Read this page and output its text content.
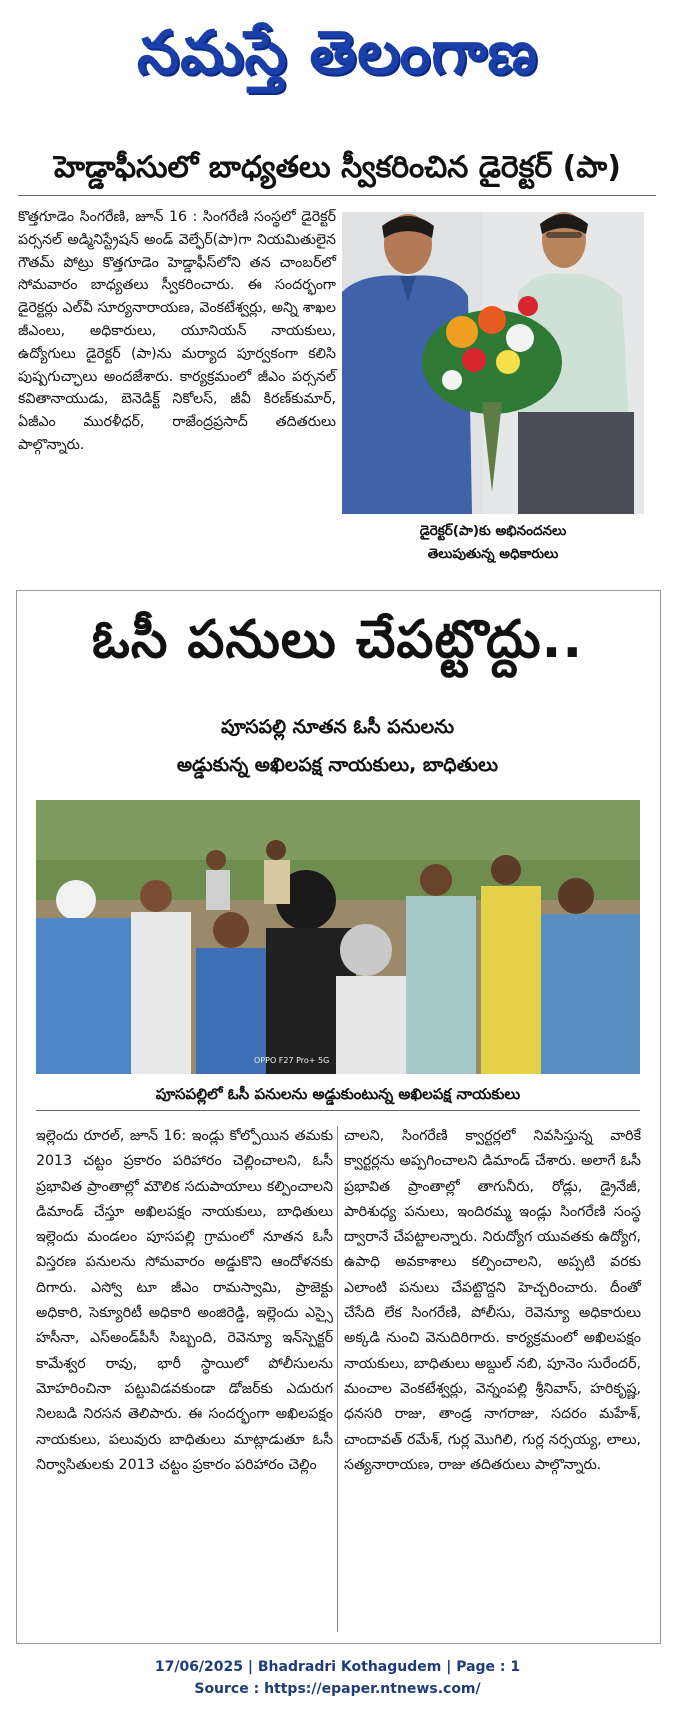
నమస్తే తెలంగాణ
హెడ్డాఫీసులో బాధ్యతలు స్వీకరించిన డైరెక్టర్ (పా)
కొత్తగూడెం సింగరేణి, జూన్ 16 : సింగరేణి సంస్థలో డైరెక్టర్ పర్సనల్ అడ్మినిస్ట్రేషన్ అండ్ వెల్ఫేర్(పా)గా నియమితులైన గౌతమ్ పోట్రు కొత్తగూడెం హెడ్డాఫీస్‌లోని తన చాంబర్‌లో సోమవారం బాధ్యతలు స్వీకరించారు. ఈ సందర్భంగా డైరెక్టర్లు ఎల్‌వీ సూర్యనారాయణ, వెంకటేశ్వర్లు, అన్ని శాఖల జీఎంలు, అధికారులు, యూనియన్ నాయకులు, ఉద్యోగులు డైరెక్టర్ (పా)ను మర్యాద పూర్వకంగా కలిసి పుష్పగుచ్ఛాలు అందజేశారు. కార్యక్రమంలో జీఎం పర్సనల్ కవితానాయుడు, బెనెడిక్ట్ నికోలస్, జీవీ కిరణ్‌కుమార్, ఏజీఎం మురళీధర్, రాజేంద్రప్రసాద్ తదితరులు పాల్గొన్నారు.
డైరెక్టర్(పా)కు అభినందనలు
తెలుపుతున్న అధికారులు
ఓసీ పనులు చేపట్టొద్దు..
పూసపల్లి నూతన ఓసీ పనులను
అడ్డుకున్న అఖిలపక్ష నాయకులు, బాధితులు
OPPO F27 Pro+ 5G
పూసపల్లిలో ఓసీ పనులను అడ్డుకుంటున్న అఖిలపక్ష నాయకులు
ఇల్లెందు రూరల్, జూన్ 16: ఇండ్లు కోల్పోయిన తమకు 2013 చట్టం ప్రకారం పరిహారం చెల్లించాలని, ఓసీ ప్రభావిత ప్రాంతాల్లో మౌలిక సదుపాయాలు కల్పించాలని డిమాండ్ చేస్తూ అఖిలపక్షం నాయకులు, బాధితులు ఇల్లెందు మండలం పూసపల్లి గ్రామంలో నూతన ఓసీ విస్తరణ పనులను సోమవారం అడ్డుకొని ఆందోళనకు దిగారు. ఎస్వో టూ జీఎం రామస్వామి, ప్రాజెక్టు అధికారి, సెక్యూరిటీ అధికారి అంజిరెడ్డి, ఇల్లెందు ఎస్సై హసీనా, ఎస్‌అండ్‌పీసీ సిబ్బంది, రెవెన్యూ ఇన్‌స్పెక్టర్ కామేశ్వర రావు, భారీ స్థాయిలో పోలీసులను మోహరించినా పట్టువిడవకుండా డోజర్‌కు ఎదురుగ నిలబడి నిరసన తెలిపారు. ఈ సందర్భంగా అఖిలపక్షం నాయకులు, పలువురు బాధితులు మాట్లాడుతూ ఓసీ నిర్వాసితులకు 2013 చట్టం ప్రకారం పరిహారం చెల్లిం
చాలని, సింగరేణి క్వార్టర్లలో నివసిస్తున్న వారికే క్వార్టర్లను అప్పగించాలని డిమాండ్ చేశారు. అలాగే ఓసీ ప్రభావిత ప్రాంతాల్లో తాగునీరు, రోడ్లు, డ్రైనేజీ, పారిశుధ్య పనులు, ఇందిరమ్మ ఇండ్లు సింగరేణి సంస్థ ద్వారానే చేపట్టాలన్నారు. నిరుద్యోగ యువతకు ఉద్యోగ, ఉపాధి అవకాశాలు కల్పించాలని, అప్పటి వరకు ఎలాంటి పనులు చేపట్టొద్దని హెచ్చరించారు. దీంతో చేసేది లేక సింగరేణి, పోలీసు, రెవెన్యూ అధికారులు అక్కడి నుంచి వెనుదిరిగారు. కార్యక్రమంలో అఖిలపక్షం నాయకులు, బాధితులు అబ్దుల్ నబి, పూనెం సురేందర్, మంచాల వెంకటేశ్వర్లు, వెన్నంపల్లి శ్రీనివాస్, హరికృష్ణ, ధనసరి రాజు, తాండ్ర నాగరాజు, సదరం మహేశ్, చాందావత్ రమేశ్, గుర్ల మొగిలి, గుర్ల నర్సయ్య, లాలు, సత్యనారాయణ, రాజు తదితరులు పాల్గొన్నారు.
17/06/2025 | Bhadradri Kothagudem | Page : 1
Source : https://epaper.ntnews.com/
